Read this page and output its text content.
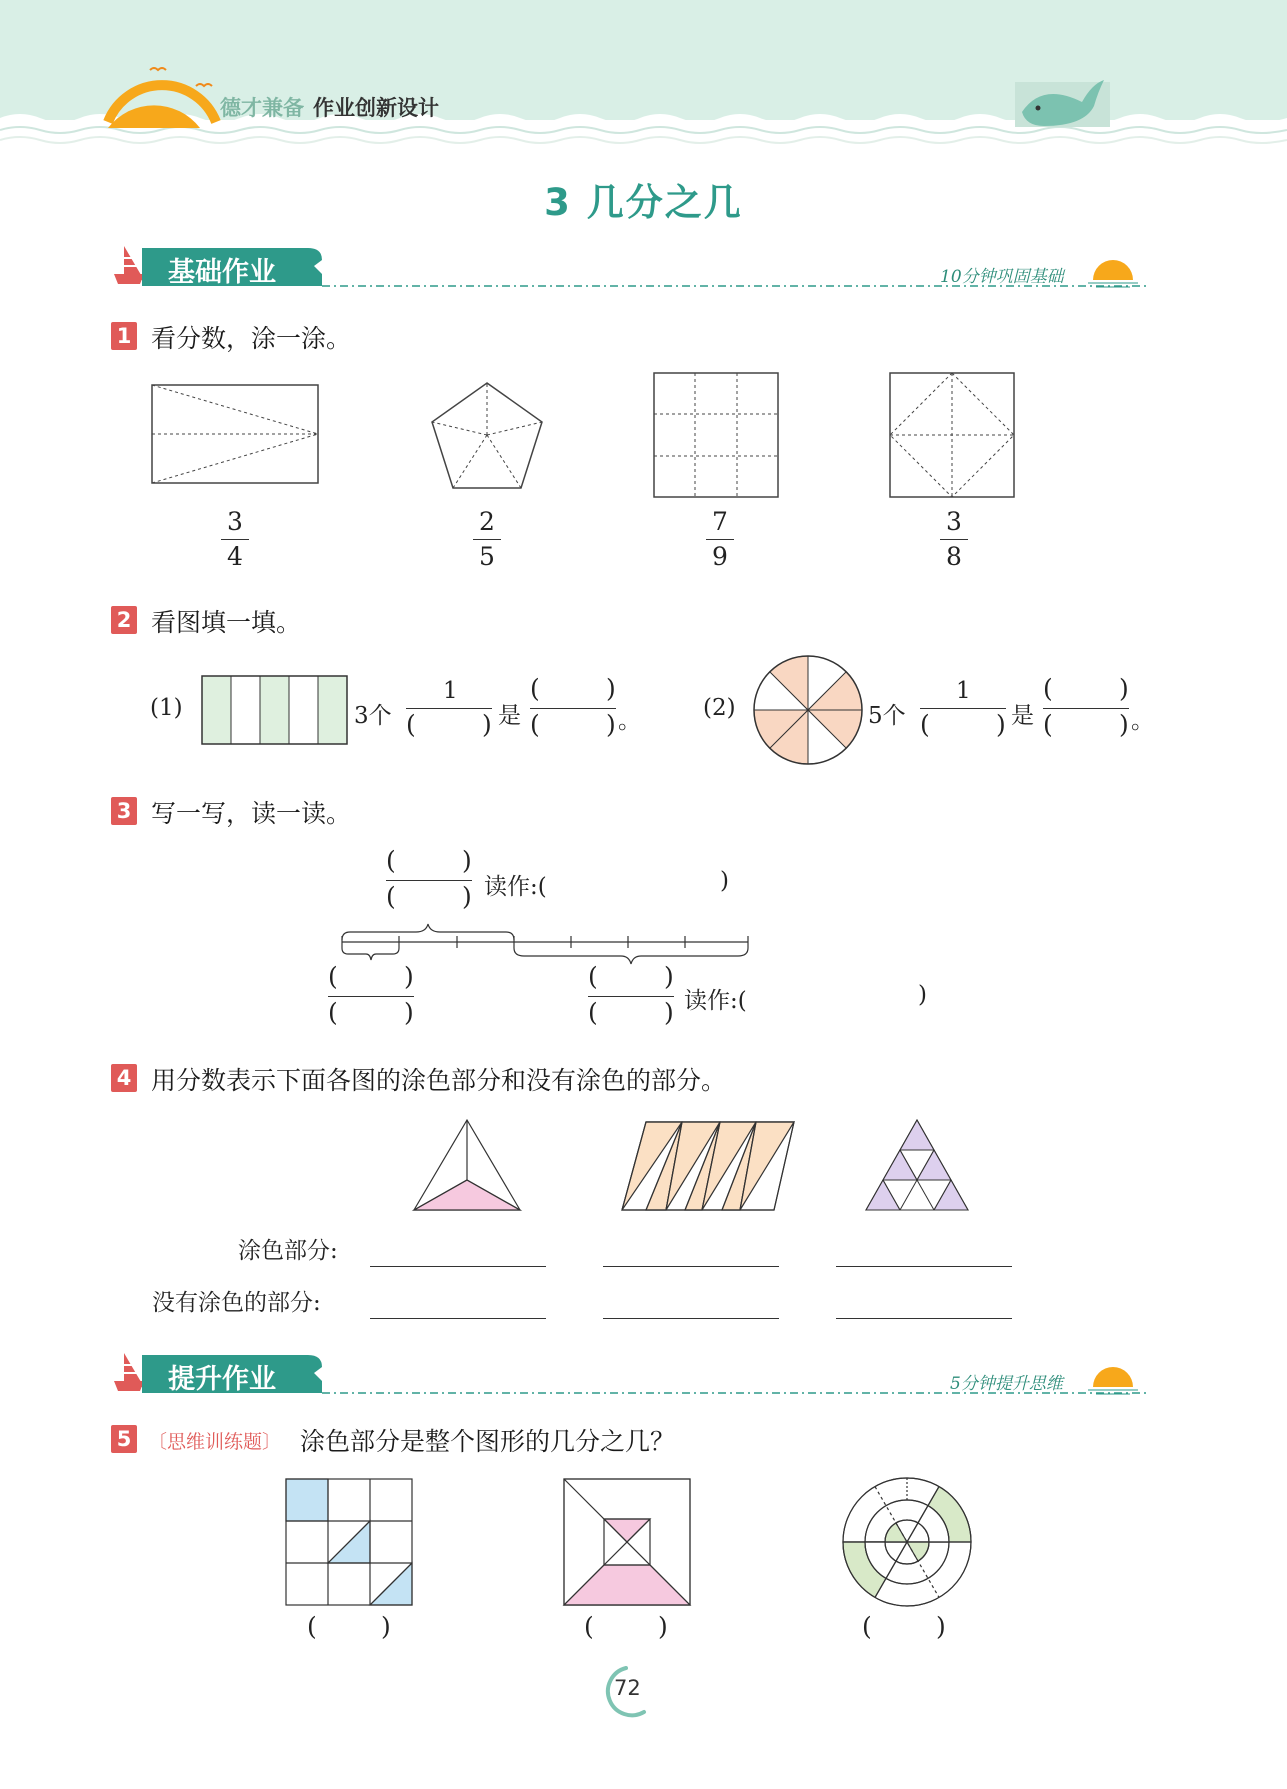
德才兼备 作业创新设计
3 几分之几
基础作业	10分钟巩固基础
1 看分数，涂一涂。
3
4
2
5
7
9
3
8
2 看图填一填。
(1)	3个
1
(	) 是
(	)
(	) 。	(2)	5个
1
(	) 是
(	)
(	) 。
3 写一写，读一读。
(	)
(	) 读作:(	)
(	)
(	)
(	)
(	) 读作:(	)
4 用分数表示下面各图的涂色部分和没有涂色的部分。
涂色部分:
没有涂色的部分:
提升作业	5分钟提升思维
5 〔思维训练题〕 涂色部分是整个图形的几分之几？
(	)	(	)	(	)
72
